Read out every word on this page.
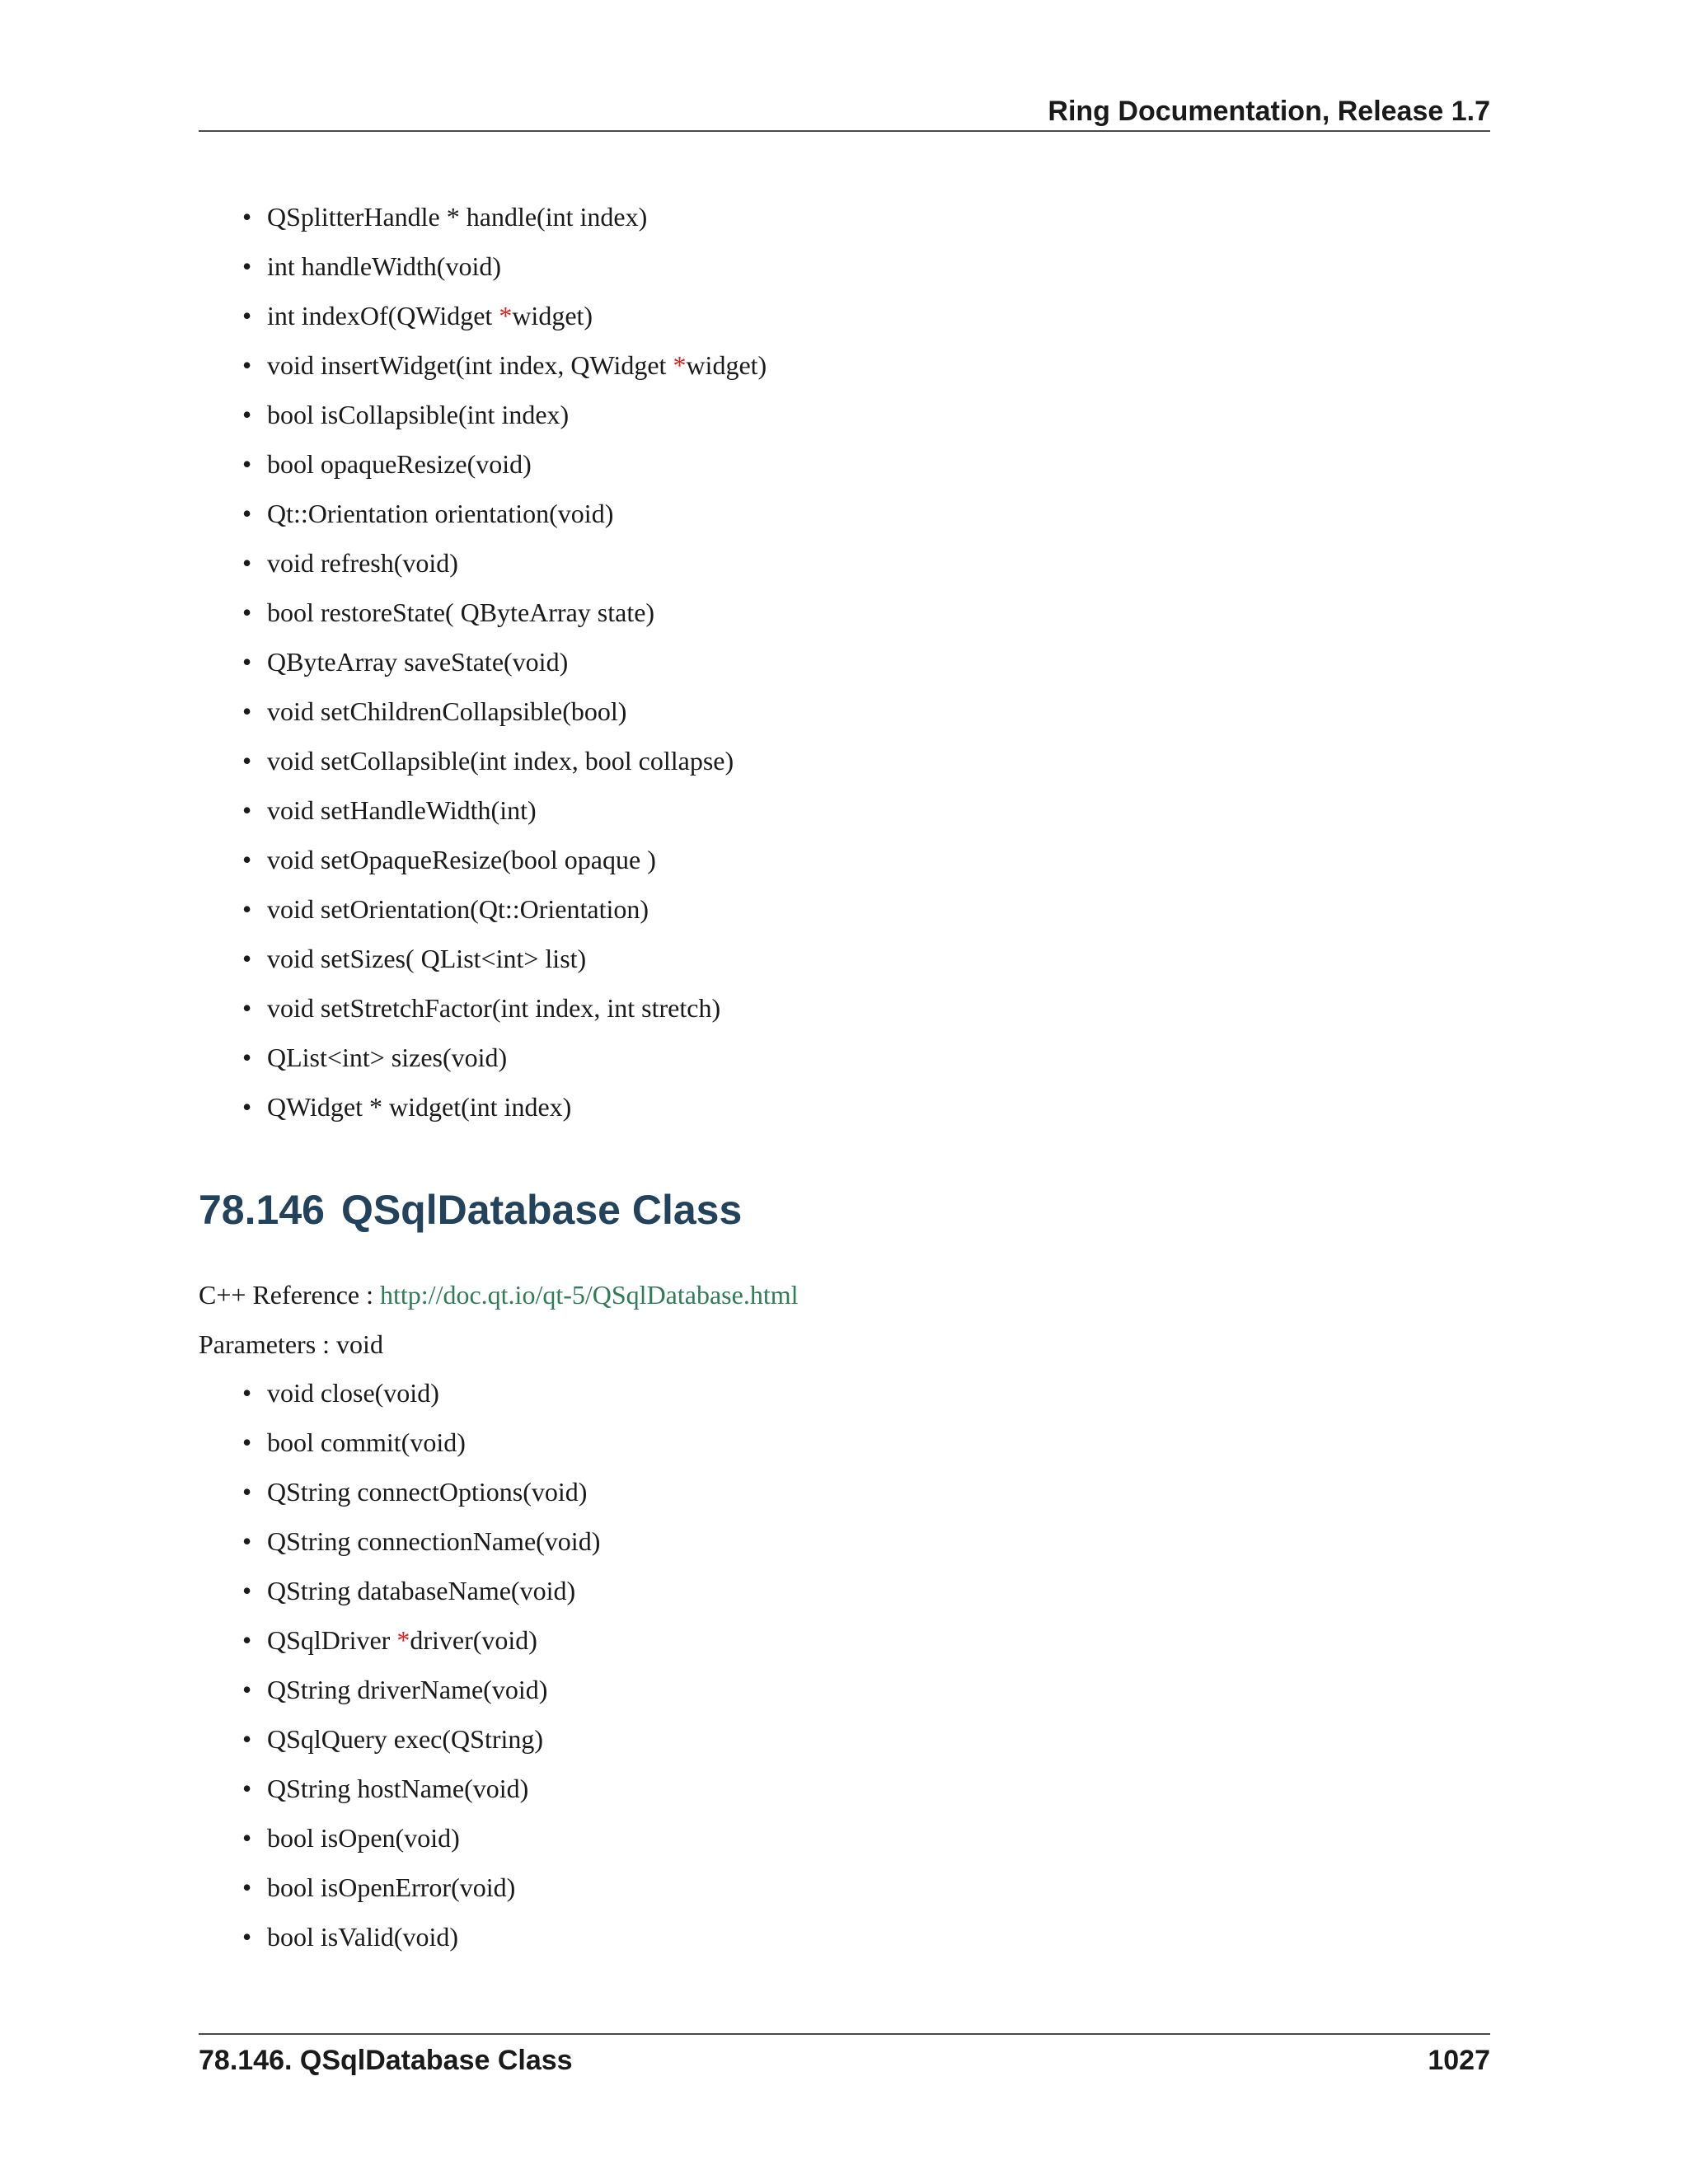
Ring Documentation, Release 1.7
• QSplitterHandle * handle(int index)
• int handleWidth(void)
• int indexOf(QWidget *widget)
• void insertWidget(int index, QWidget *widget)
• bool isCollapsible(int index)
• bool opaqueResize(void)
• Qt::Orientation orientation(void)
• void refresh(void)
• bool restoreState( QByteArray state)
• QByteArray saveState(void)
• void setChildrenCollapsible(bool)
• void setCollapsible(int index, bool collapse)
• void setHandleWidth(int)
• void setOpaqueResize(bool opaque )
• void setOrientation(Qt::Orientation)
• void setSizes( QList<int> list)
• void setStretchFactor(int index, int stretch)
• QList<int> sizes(void)
• QWidget * widget(int index)
78.146 QSqlDatabase Class
C++ Reference : http://doc.qt.io/qt-5/QSqlDatabase.html
Parameters : void
• void close(void)
• bool commit(void)
• QString connectOptions(void)
• QString connectionName(void)
• QString databaseName(void)
• QSqlDriver *driver(void)
• QString driverName(void)
• QSqlQuery exec(QString)
• QString hostName(void)
• bool isOpen(void)
• bool isOpenError(void)
• bool isValid(void)
78.146. QSqlDatabase Class	1027
